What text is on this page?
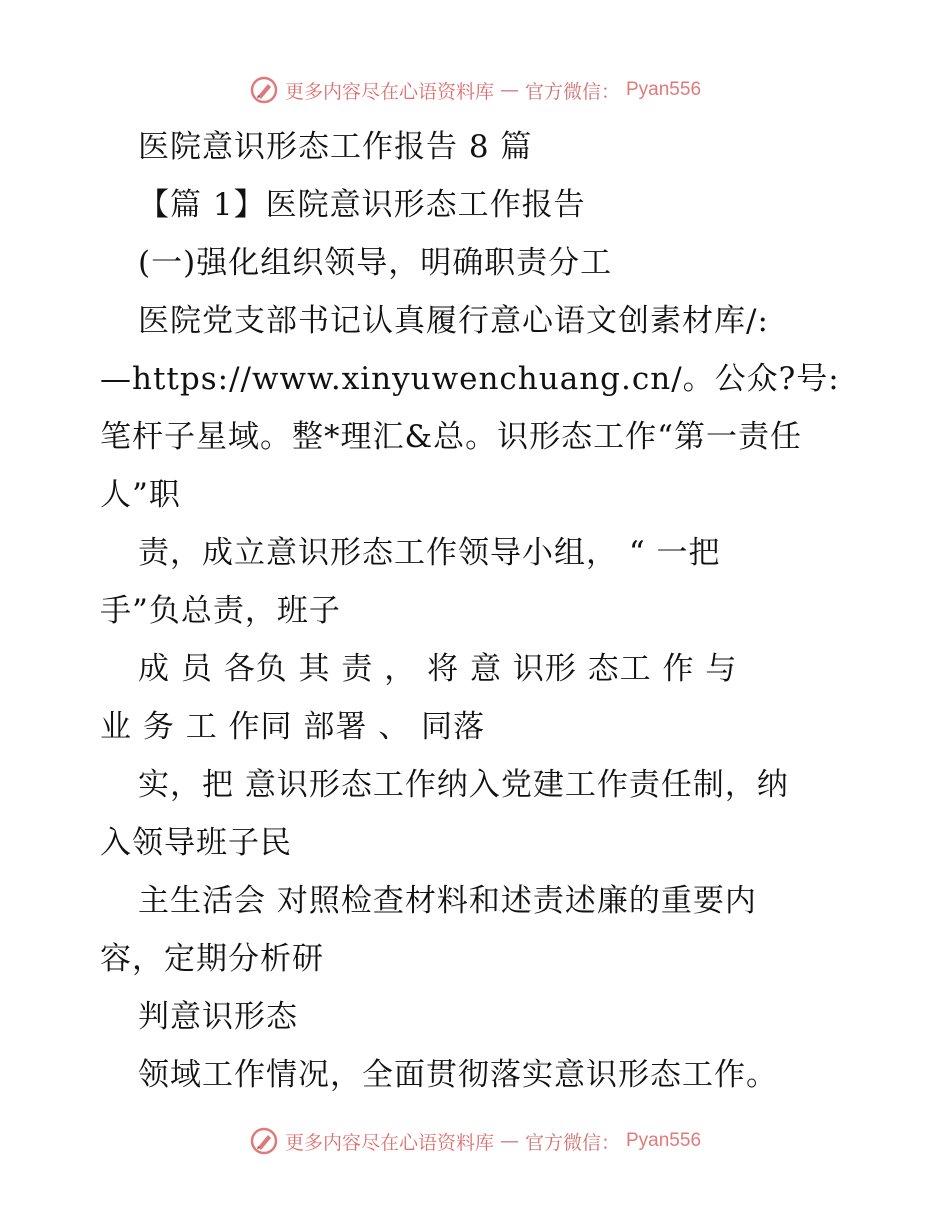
更多内容尽在心语资料库 — 官方微信： Pyan556
医院意识形态工作报告 8 篇
【篇 1】医院意识形态工作报告
(一)强化组织领导，明确职责分工
医院党支部书记认真履行意心语文创素材库/:
—https://www.xinyuwenchuang.cn/。公众?号:
笔杆子星域。整*理汇&总。识形态工作“第一责任
人”职
责，成立意识形态工作领导小组， “ 一把
手”负总责，班子
成 员 各负 其 责 ， 将 意 识形 态工 作 与
业 务 工 作同 部署 、 同落
实，把 意识形态工作纳入党建工作责任制，纳
入领导班子民
主生活会 对照检查材料和述责述廉的重要内
容，定期分析研
判意识形态
领域工作情况，全面贯彻落实意识形态工作。
更多内容尽在心语资料库 — 官方微信： Pyan556
